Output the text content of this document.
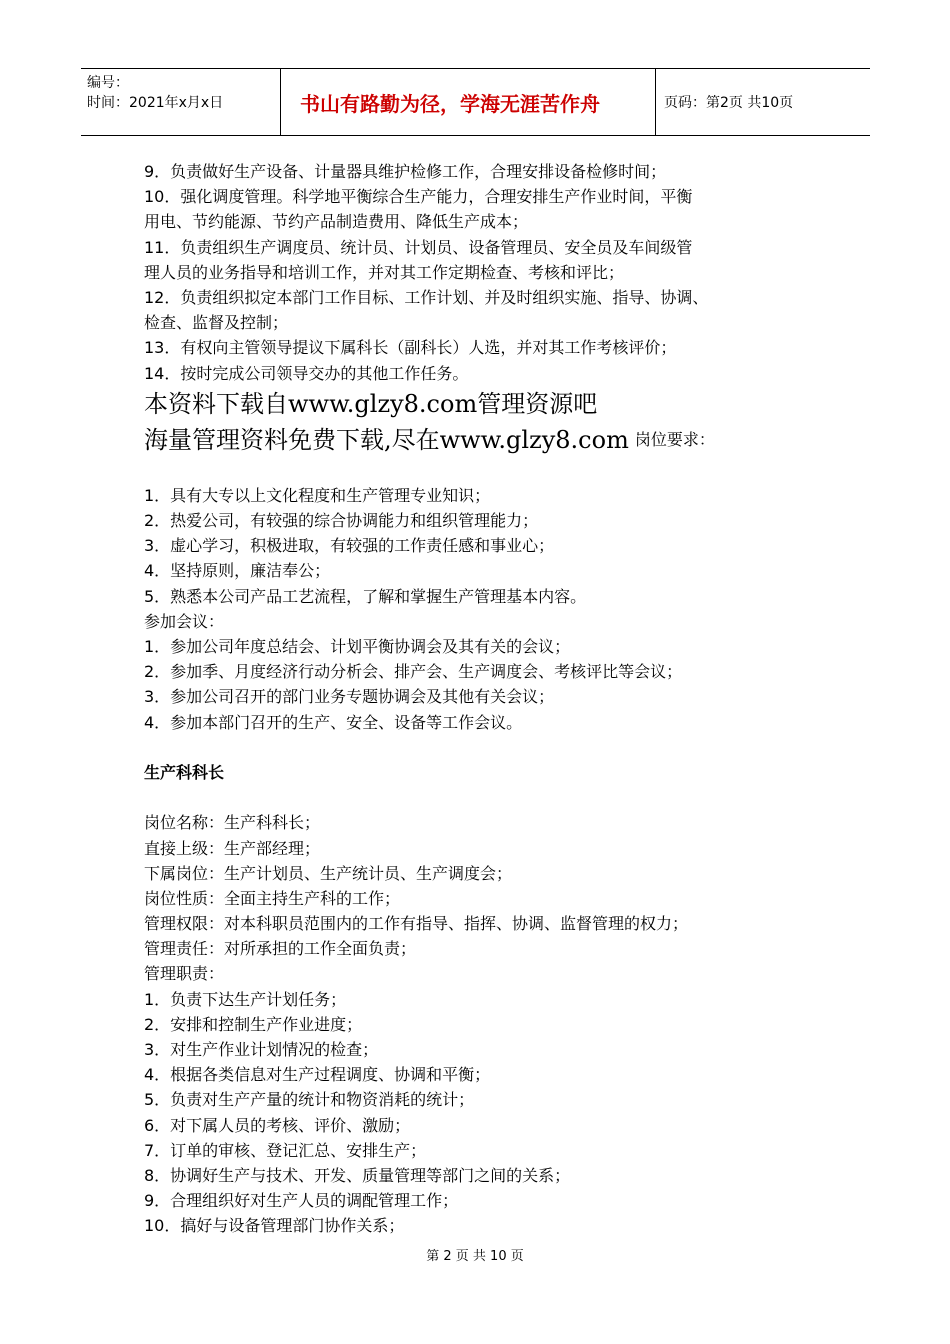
编号：
时间：2021年x月x日	书山有路勤为径，学海无涯苦作舟	页码：第2页 共10页
9．负责做好生产设备、计量器具维护检修工作，合理安排设备检修时间；
10．强化调度管理。科学地平衡综合生产能力，合理安排生产作业时间，平衡
用电、节约能源、节约产品制造费用、降低生产成本；
11．负责组织生产调度员、统计员、计划员、设备管理员、安全员及车间级管
理人员的业务指导和培训工作，并对其工作定期检查、考核和评比；
12．负责组织拟定本部门工作目标、工作计划、并及时组织实施、指导、协调、
检查、监督及控制；
13．有权向主管领导提议下属科长（副科长）人选，并对其工作考核评价；
14．按时完成公司领导交办的其他工作任务。
本资料下载自www.glzy8.com管理资源吧
海量管理资料免费下载,尽在www.glzy8.com 岗位要求：
1．具有大专以上文化程度和生产管理专业知识；
2．热爱公司，有较强的综合协调能力和组织管理能力；
3．虚心学习，积极进取，有较强的工作责任感和事业心；
4．坚持原则，廉洁奉公；
5．熟悉本公司产品工艺流程，了解和掌握生产管理基本内容。
参加会议：
1．参加公司年度总结会、计划平衡协调会及其有关的会议；
2．参加季、月度经济行动分析会、排产会、生产调度会、考核评比等会议；
3．参加公司召开的部门业务专题协调会及其他有关会议；
4．参加本部门召开的生产、安全、设备等工作会议。
生产科科长
岗位名称：生产科科长；
直接上级：生产部经理；
下属岗位：生产计划员、生产统计员、生产调度会；
岗位性质：全面主持生产科的工作；
管理权限：对本科职员范围内的工作有指导、指挥、协调、监督管理的权力；
管理责任：对所承担的工作全面负责；
管理职责：
1．负责下达生产计划任务；
2．安排和控制生产作业进度；
3．对生产作业计划情况的检查；
4．根据各类信息对生产过程调度、协调和平衡；
5．负责对生产产量的统计和物资消耗的统计；
6．对下属人员的考核、评价、激励；
7．订单的审核、登记汇总、安排生产；
8．协调好生产与技术、开发、质量管理等部门之间的关系；
9．合理组织好对生产人员的调配管理工作；
10．搞好与设备管理部门协作关系；
第 2 页 共 10 页
